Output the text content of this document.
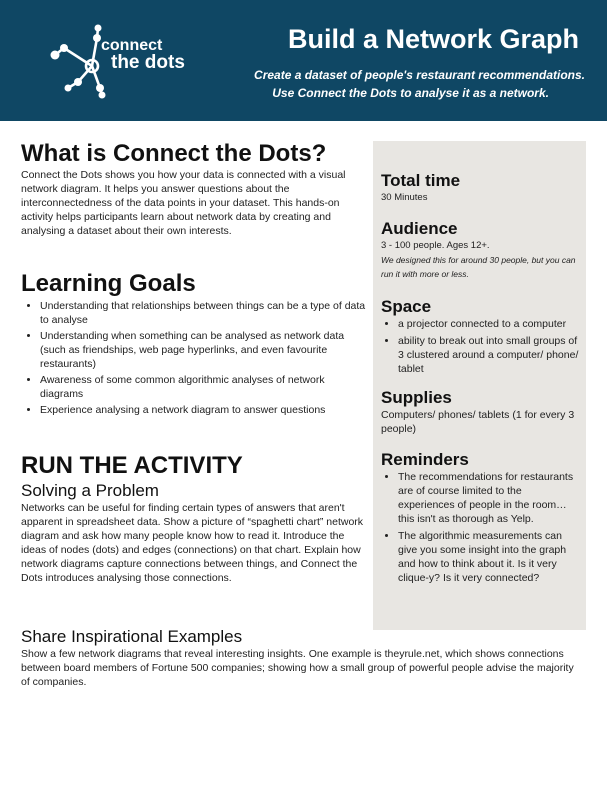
connect
the dots
Build a Network Graph
Create a dataset of people's restaurant recommendations.
Use Connect the Dots to analyse it as a network.
What is Connect the Dots?

Connect the Dots shows you how your data is connected with a visual network diagram. It helps you answer questions about the interconnectedness of the data points in your dataset. This hands-on activity helps participants learn about network data by creating and analysing a dataset about their own interests.

Learning Goals
• Understanding that relationships between things can be a type of data to analyse
• Understanding when something can be analysed as network data (such as friendships, web page hyperlinks, and even favourite restaurants)
• Awareness of some common algorithmic analyses of network diagrams
• Experience analysing a network diagram to answer questions
RUN THE ACTIVITY
Solving a Problem

Networks can be useful for finding certain types of answers that aren't apparent in spreadsheet data. Show a picture of “spaghetti chart” network diagram and ask how many people know how to read it. Introduce the ideas of nodes (dots) and edges (connections) on that chart. Explain how network diagrams capture connections between things, and Connect the Dots introduces analysing those connections.

Share Inspirational Examples

Show a few network diagrams that reveal interesting insights. One example is theyrule.net, which shows connections between board members of Fortune 500 companies; showing how a small group of powerful people advise the majority of companies.

Total time

30 Minutes

Audience

3 - 100 people. Ages 12+.

We designed this for around 30 people, but you can run it with more or less.

Space
• a projector connected to a computer
• ability to break out into small groups of 3 clustered around a computer/ phone/ tablet
Supplies

Computers/ phones/ tablets (1 for every 3 people)

Reminders
• The recommendations for restaurants are of course limited to the experiences of people in the room… this isn't as thorough as Yelp.
• The algorithmic measurements can give you some insight into the graph and how to think about it. Is it very clique-y? Is it very connected?
